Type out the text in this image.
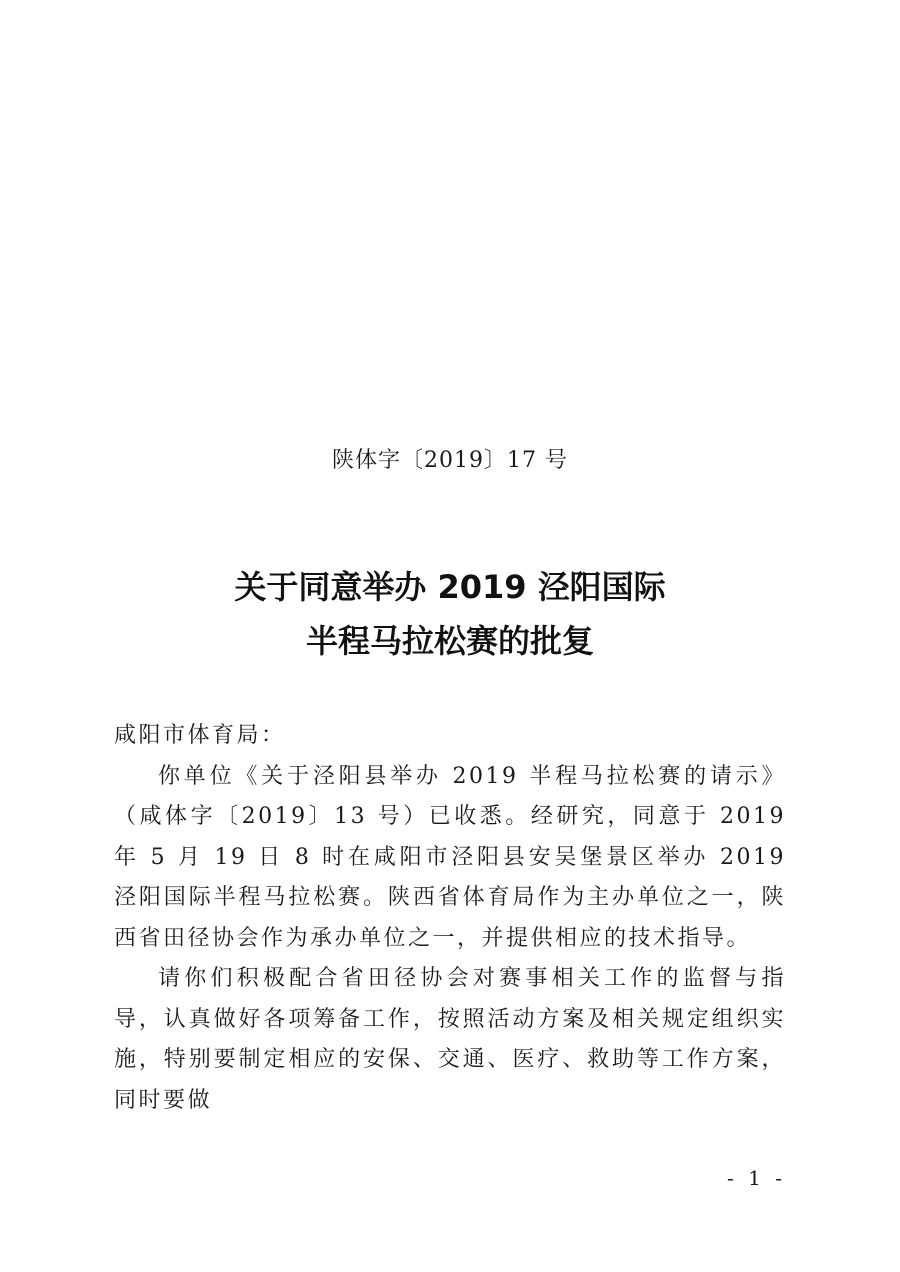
陕体字〔2019〕17 号
关于同意举办 2019 泾阳国际
半程马拉松赛的批复

咸阳市体育局：

你单位《关于泾阳县举办 2019 半程马拉松赛的请示》（咸体字〔2019〕13 号）已收悉。经研究，同意于 2019 年 5 月 19 日 8 时在咸阳市泾阳县安吴堡景区举办 2019 泾阳国际半程马拉松赛。陕西省体育局作为主办单位之一，陕西省田径协会作为承办单位之一，并提供相应的技术指导。

请你们积极配合省田径协会对赛事相关工作的监督与指导，认真做好各项筹备工作，按照活动方案及相关规定组织实施，特别要制定相应的安保、交通、医疗、救助等工作方案，同时要做

- 1 -
